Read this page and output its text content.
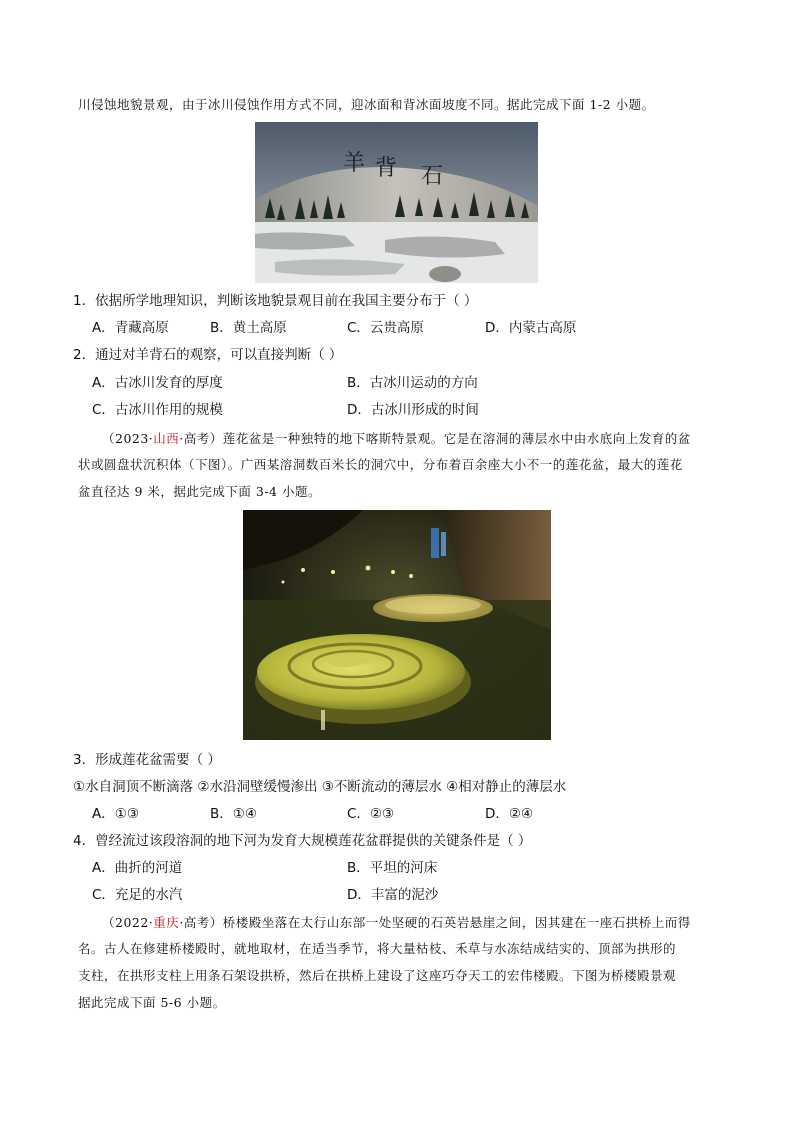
川侵蚀地貌景观，由于冰川侵蚀作用方式不同，迎冰面和背冰面坡度不同。据此完成下面 1-2 小题。
羊 背 石
1．依据所学地理知识，判断该地貌景观目前在我国主要分布于（ ）
A．青藏高原	B．黄土高原	C．云贵高原	D．内蒙古高原
2．通过对羊背石的观察，可以直接判断（ ）
A．古冰川发育的厚度	B．古冰川运动的方向
C．古冰川作用的规模	D．古冰川形成的时间
（2023·山西·高考）莲花盆是一种独特的地下喀斯特景观。它是在溶洞的薄层水中由水底向上发育的盆
状或圆盘状沉积体（下图）。广西某溶洞数百米长的洞穴中，分布着百余座大小不一的莲花盆，最大的莲花
盆直径达 9 米，据此完成下面 3-4 小题。
3．形成莲花盆需要（ ）
①水自洞顶不断滴落 ②水沿洞壁缓慢渗出 ③不断流动的薄层水 ④相对静止的薄层水
A．①③	B．①④	C．②③	D．②④
4．曾经流过该段溶洞的地下河为发育大规模莲花盆群提供的关键条件是（ ）
A．曲折的河道	B．平坦的河床
C．充足的水汽	D．丰富的泥沙
（2022·重庆·高考）桥楼殿坐落在太行山东部一处坚硬的石英岩悬崖之间，因其建在一座石拱桥上而得
名。古人在修建桥楼殿时，就地取材，在适当季节，将大量枯枝、禾草与水冻结成结实的、顶部为拱形的
支柱，在拱形支柱上用条石架设拱桥，然后在拱桥上建设了这座巧夺天工的宏伟楼殿。下图为桥楼殿景观
据此完成下面 5-6 小题。
